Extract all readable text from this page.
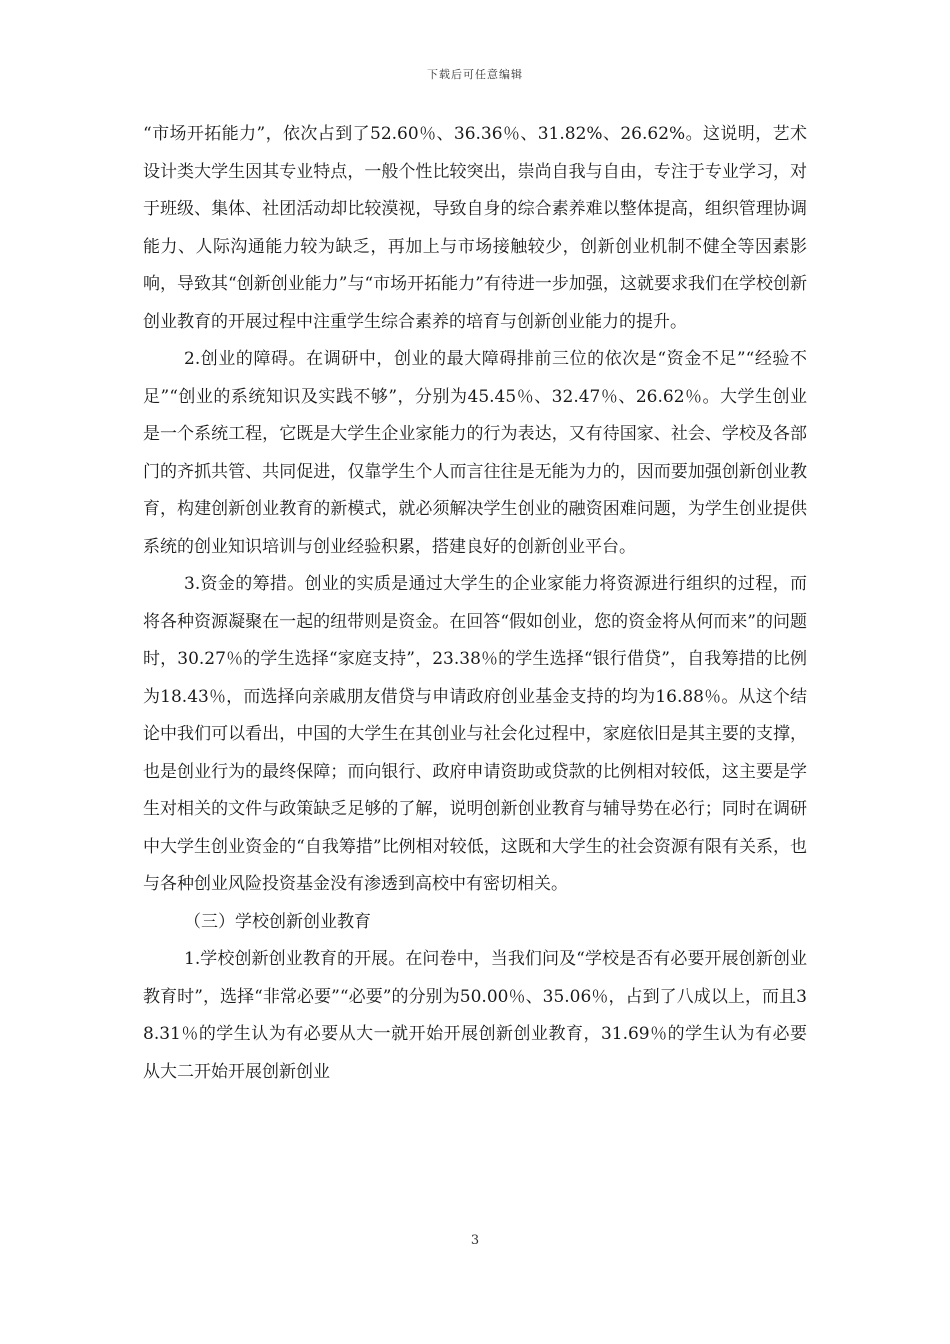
下载后可任意编辑

“市场开拓能力”，依次占到了52.60％、36.36％、31.82%、26.62%。这说明，艺术设计类大学生因其专业特点，一般个性比较突出，崇尚自我与自由，专注于专业学习，对于班级、集体、社团活动却比较漠视，导致自身的综合素养难以整体提高，组织管理协调能力、人际沟通能力较为缺乏，再加上与市场接触较少，创新创业机制不健全等因素影响，导致其“创新创业能力”与“市场开拓能力”有待进一步加强，这就要求我们在学校创新创业教育的开展过程中注重学生综合素养的培育与创新创业能力的提升。

2.创业的障碍。在调研中，创业的最大障碍排前三位的依次是“资金不足”“经验不足”“创业的系统知识及实践不够”，分别为45.45％、32.47％、26.62％。大学生创业是一个系统工程，它既是大学生企业家能力的行为表达，又有待国家、社会、学校及各部门的齐抓共管、共同促进，仅靠学生个人而言往往是无能为力的，因而要加强创新创业教育，构建创新创业教育的新模式，就必须解决学生创业的融资困难问题，为学生创业提供系统的创业知识培训与创业经验积累，搭建良好的创新创业平台。

3.资金的筹措。创业的实质是通过大学生的企业家能力将资源进行组织的过程，而将各种资源凝聚在一起的纽带则是资金。在回答“假如创业，您的资金将从何而来”的问题时，30.27％的学生选择“家庭支持”，23.38％的学生选择“银行借贷”，自我筹措的比例为18.43％，而选择向亲戚朋友借贷与申请政府创业基金支持的均为16.88％。从这个结论中我们可以看出，中国的大学生在其创业与社会化过程中，家庭依旧是其主要的支撑，也是创业行为的最终保障；而向银行、政府申请资助或贷款的比例相对较低，这主要是学生对相关的文件与政策缺乏足够的了解，说明创新创业教育与辅导势在必行；同时在调研中大学生创业资金的“自我筹措”比例相对较低，这既和大学生的社会资源有限有关系，也与各种创业风险投资基金没有渗透到高校中有密切相关。

（三）学校创新创业教育

1.学校创新创业教育的开展。在问卷中，当我们问及“学校是否有必要开展创新创业教育时”，选择“非常必要”“必要”的分别为50.00％、35.06％，占到了八成以上，而且38.31％的学生认为有必要从大一就开始开展创新创业教育，31.69％的学生认为有必要从大二开始开展创新创业

3
